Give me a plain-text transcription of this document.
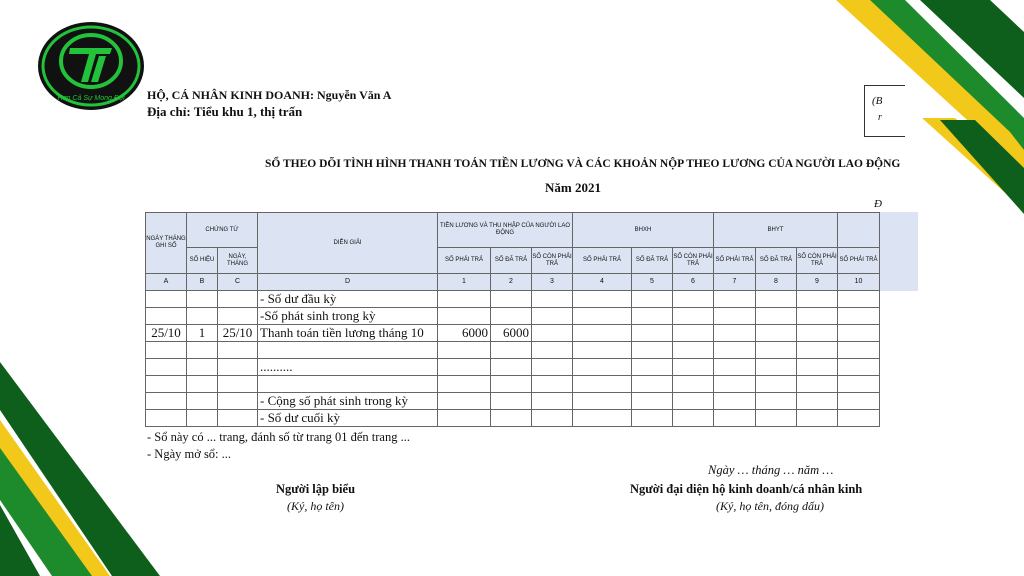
Hơn Cả Sự Mong Đợi HỘ, CÁ NHÂN KINH DOANH: Nguyễn Văn A
Địa chỉ: Tiểu khu 1, thị trấn
(B
r
SỔ THEO DÕI TÌNH HÌNH THANH TOÁN TIỀN LƯƠNG VÀ CÁC KHOẢN NỘP THEO LƯƠNG CỦA NGƯỜI LAO ĐỘNG
Năm 2021
Đ
NGÀY THÁNG GHI SỔ	CHỨNG TỪ		DIỄN GIẢI	TIỀN LƯƠNG VÀ THU NHẬP CỦA NGƯỜI LAO ĐỘNG			BHXH			BHYT			
	SỐ HIỆU	NGÀY, THÁNG		SỐ PHẢI TRẢ	SỐ ĐÃ TRẢ	SỐ CÒN PHẢI TRẢ	SỐ PHẢI TRẢ	SỐ ĐÃ TRẢ	SỐ CÒN PHẢI TRẢ	SỐ PHẢI TRẢ	SỐ ĐÃ TRẢ	SỐ CÒN PHẢI TRẢ	SỐ PHẢI TRẢ
A	B	C	D	1	2	3	4	5	6	7	8	9	10
			- Số dư đầu kỳ										
			-Số phát sinh trong kỳ										
25/10	1	25/10	Thanh toán tiền lương tháng 10	6000	6000								

			..........										

			- Cộng số phát sinh trong kỳ										
			- Số dư cuối kỳ										
- Sổ này có ... trang, đánh số từ trang 01 đến trang ...
- Ngày mở sổ: ...
Ngày … tháng … năm …
Người lập biểu
(Ký, họ tên)
Người đại diện hộ kinh doanh/cá nhân kinh
(Ký, họ tên, đóng dấu)
